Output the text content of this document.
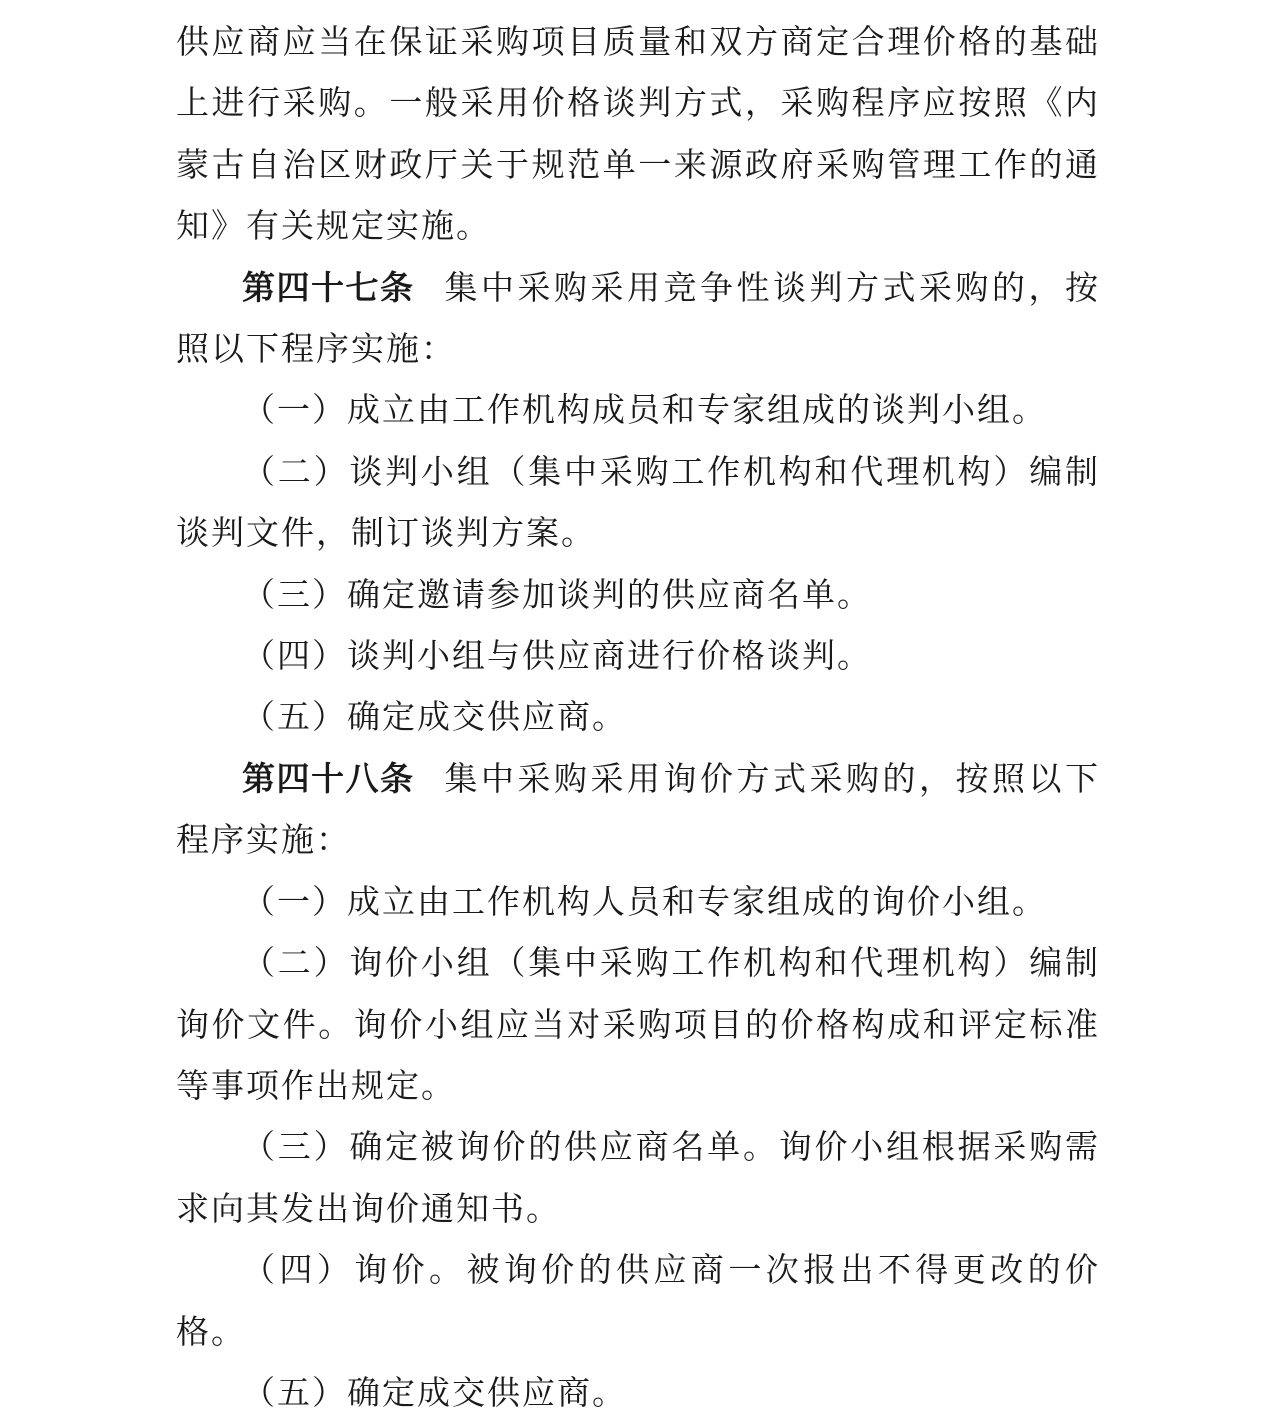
供应商应当在保证采购项目质量和双方商定合理价格的基础上进行采购。一般采用价格谈判方式，采购程序应按照《内蒙古自治区财政厅关于规范单一来源政府采购管理工作的通知》有关规定实施。

第四十七条 集中采购采用竞争性谈判方式采购的，按照以下程序实施：

（一）成立由工作机构成员和专家组成的谈判小组。

（二）谈判小组（集中采购工作机构和代理机构）编制谈判文件，制订谈判方案。

（三）确定邀请参加谈判的供应商名单。

（四）谈判小组与供应商进行价格谈判。

（五）确定成交供应商。

第四十八条 集中采购采用询价方式采购的，按照以下程序实施：

（一）成立由工作机构人员和专家组成的询价小组。

（二）询价小组（集中采购工作机构和代理机构）编制询价文件。询价小组应当对采购项目的价格构成和评定标准等事项作出规定。

（三）确定被询价的供应商名单。询价小组根据采购需求向其发出询价通知书。

（四）询价。被询价的供应商一次报出不得更改的价格。

（五）确定成交供应商。
